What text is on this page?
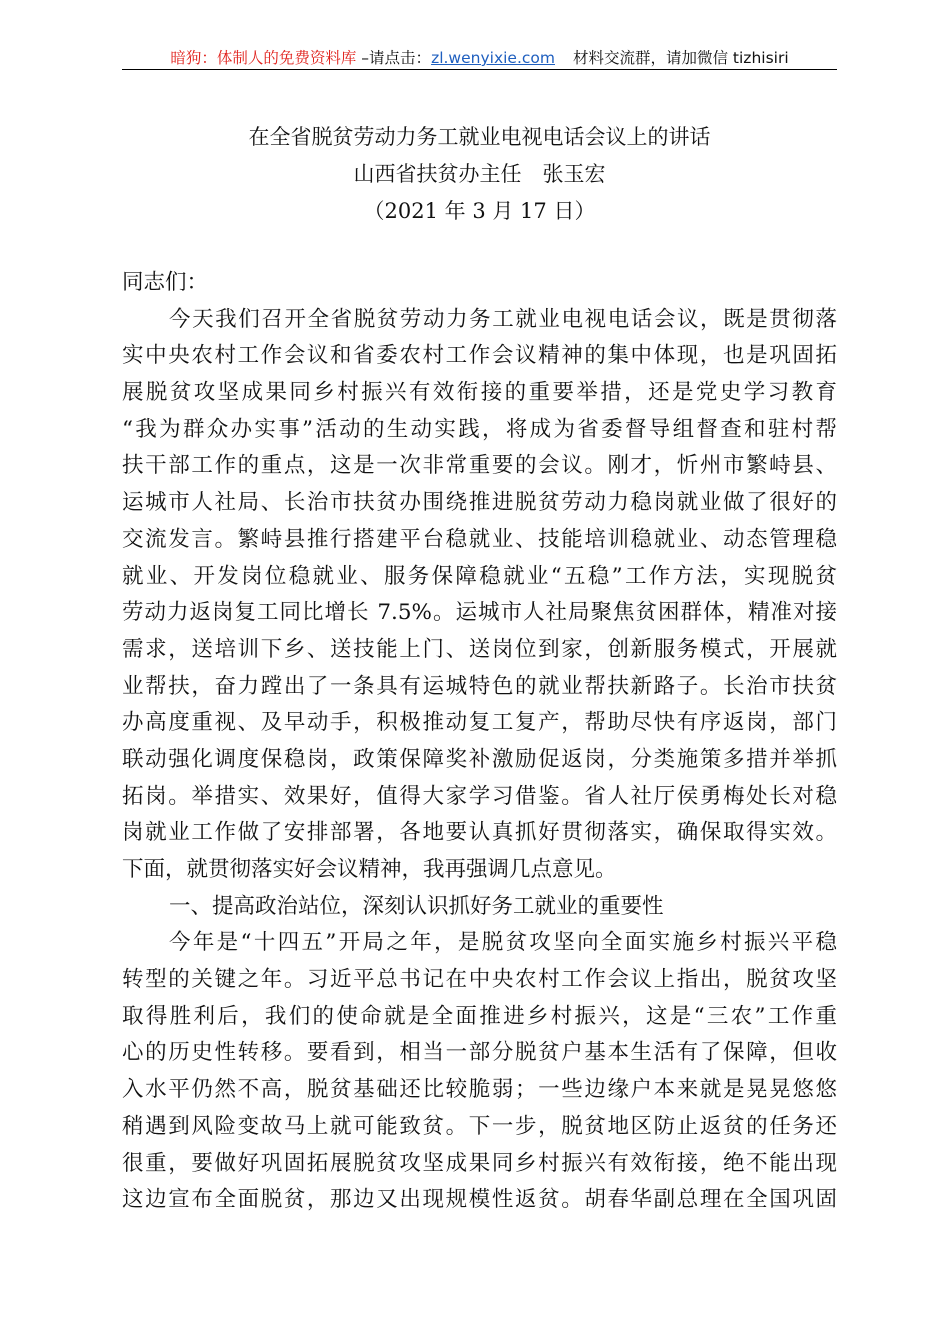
暗狗：体制人的免费资料库 –请点击：zl.wenyixie.com 材料交流群，请加微信 tizhisiri
在全省脱贫劳动力务工就业电视电话会议上的讲话
山西省扶贫办主任　张玉宏
（2021 年 3 月 17 日）
同志们：
今天我们召开全省脱贫劳动力务工就业电视电话会议，既是贯彻落
实中央农村工作会议和省委农村工作会议精神的集中体现，也是巩固拓
展脱贫攻坚成果同乡村振兴有效衔接的重要举措，还是党史学习教育
“我为群众办实事”活动的生动实践，将成为省委督导组督查和驻村帮
扶干部工作的重点，这是一次非常重要的会议。刚才，忻州市繁峙县、
运城市人社局、长治市扶贫办围绕推进脱贫劳动力稳岗就业做了很好的
交流发言。繁峙县推行搭建平台稳就业、技能培训稳就业、动态管理稳
就业、开发岗位稳就业、服务保障稳就业“五稳”工作方法，实现脱贫
劳动力返岗复工同比增长 7.5%。运城市人社局聚焦贫困群体，精准对接
需求，送培训下乡、送技能上门、送岗位到家，创新服务模式，开展就
业帮扶，奋力蹚出了一条具有运城特色的就业帮扶新路子。长治市扶贫
办高度重视、及早动手，积极推动复工复产，帮助尽快有序返岗，部门
联动强化调度保稳岗，政策保障奖补激励促返岗，分类施策多措并举抓
拓岗。举措实、效果好，值得大家学习借鉴。省人社厅侯勇梅处长对稳
岗就业工作做了安排部署，各地要认真抓好贯彻落实，确保取得实效。
下面，就贯彻落实好会议精神，我再强调几点意见。
一、提高政治站位，深刻认识抓好务工就业的重要性
今年是“十四五”开局之年，是脱贫攻坚向全面实施乡村振兴平稳
转型的关键之年。习近平总书记在中央农村工作会议上指出，脱贫攻坚
取得胜利后，我们的使命就是全面推进乡村振兴，这是“三农”工作重
心的历史性转移。要看到，相当一部分脱贫户基本生活有了保障，但收
入水平仍然不高，脱贫基础还比较脆弱；一些边缘户本来就是晃晃悠悠
稍遇到风险变故马上就可能致贫。下一步，脱贫地区防止返贫的任务还
很重，要做好巩固拓展脱贫攻坚成果同乡村振兴有效衔接，绝不能出现
这边宣布全面脱贫，那边又出现规模性返贫。胡春华副总理在全国巩固
